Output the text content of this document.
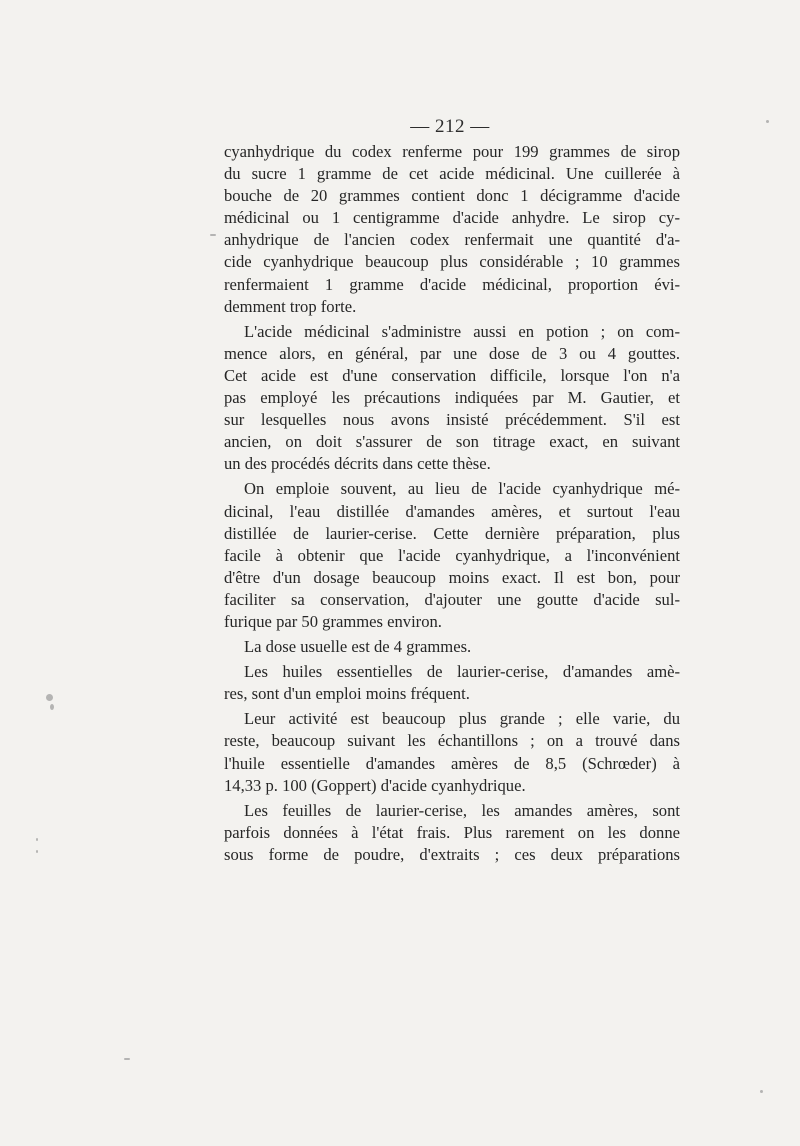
— 212 —
cyanhydrique du codex renferme pour 199 grammes de sirop
du sucre 1 gramme de cet acide médicinal. Une cuillerée à
bouche de 20 grammes contient donc 1 décigramme d'acide
médicinal ou 1 centigramme d'acide anhydre. Le sirop cy-
anhydrique de l'ancien codex renfermait une quantité d'a-
cide cyanhydrique beaucoup plus considérable ; 10 grammes
renfermaient 1 gramme d'acide médicinal, proportion évi-
demment trop forte.
L'acide médicinal s'administre aussi en potion ; on com-
mence alors, en général, par une dose de 3 ou 4 gouttes.
Cet acide est d'une conservation difficile, lorsque l'on n'a
pas employé les précautions indiquées par M. Gautier, et
sur lesquelles nous avons insisté précédemment. S'il est
ancien, on doit s'assurer de son titrage exact, en suivant
un des procédés décrits dans cette thèse.
On emploie souvent, au lieu de l'acide cyanhydrique mé-
dicinal, l'eau distillée d'amandes amères, et surtout l'eau
distillée de laurier-cerise. Cette dernière préparation, plus
facile à obtenir que l'acide cyanhydrique, a l'inconvénient
d'être d'un dosage beaucoup moins exact. Il est bon, pour
faciliter sa conservation, d'ajouter une goutte d'acide sul-
furique par 50 grammes environ.
La dose usuelle est de 4 grammes.
Les huiles essentielles de laurier-cerise, d'amandes amè-
res, sont d'un emploi moins fréquent.
Leur activité est beaucoup plus grande ; elle varie, du
reste, beaucoup suivant les échantillons ; on a trouvé dans
l'huile essentielle d'amandes amères de 8,5 (Schrœder) à
14,33 p. 100 (Goppert) d'acide cyanhydrique.
Les feuilles de laurier-cerise, les amandes amères, sont
parfois données à l'état frais. Plus rarement on les donne
sous forme de poudre, d'extraits ; ces deux préparations
